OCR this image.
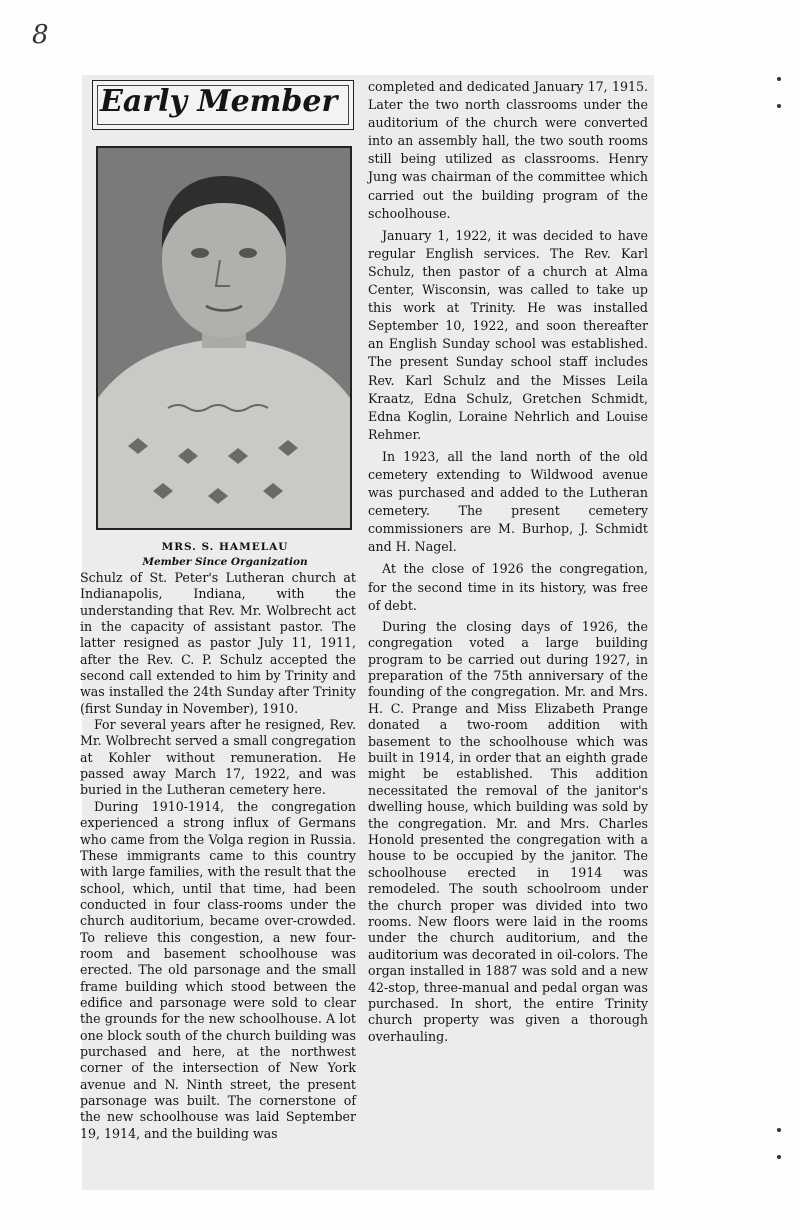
8
Early Member
MRS. S. HAMELAU
Member Since Organization

Schulz of St. Peter's Lutheran church at Indianapolis, Indiana, with the understanding that Rev. Mr. Wolbrecht act in the capacity of assistant pastor. The latter resigned as pastor July 11, 1911, after the Rev. C. P. Schulz accepted the second call extended to him by Trinity and was installed the 24th Sunday after Trinity (first Sunday in November), 1910.

For several years after he resigned, Rev. Mr. Wolbrecht served a small congregation at Kohler without remuneration. He passed away March 17, 1922, and was buried in the Lutheran cemetery here.

During 1910-1914, the congregation experienced a strong influx of Germans who came from the Volga region in Russia. These immigrants came to this country with large families, with the result that the school, which, until that time, had been conducted in four class-rooms under the church auditorium, became over-crowded. To relieve this congestion, a new four-room and basement schoolhouse was erected. The old parsonage and the small frame building which stood between the edifice and parsonage were sold to clear the grounds for the new schoolhouse. A lot one block south of the church building was purchased and here, at the northwest corner of the intersection of New York avenue and N. Ninth street, the present parsonage was built. The cornerstone of the new schoolhouse was laid September 19, 1914, and the building was

completed and dedicated January 17, 1915. Later the two north classrooms under the auditorium of the church were converted into an assembly hall, the two south rooms still being utilized as classrooms. Henry Jung was chairman of the committee which carried out the building program of the schoolhouse.

January 1, 1922, it was decided to have regular English services. The Rev. Karl Schulz, then pastor of a church at Alma Center, Wisconsin, was called to take up this work at Trinity. He was installed September 10, 1922, and soon thereafter an English Sunday school was established. The present Sunday school staff includes Rev. Karl Schulz and the Misses Leila Kraatz, Edna Schulz, Gretchen Schmidt, Edna Koglin, Loraine Nehrlich and Louise Rehmer.

In 1923, all the land north of the old cemetery extending to Wildwood avenue was purchased and added to the Lutheran cemetery. The present cemetery commissioners are M. Burhop, J. Schmidt and H. Nagel.

At the close of 1926 the congregation, for the second time in its history, was free of debt.

During the closing days of 1926, the congregation voted a large building program to be carried out during 1927, in preparation of the 75th anniversary of the founding of the congregation. Mr. and Mrs. H. C. Prange and Miss Elizabeth Prange donated a two-room addition with basement to the schoolhouse which was built in 1914, in order that an eighth grade might be established. This addition necessitated the removal of the janitor's dwelling house, which building was sold by the congregation. Mr. and Mrs. Charles Honold presented the congregation with a house to be occupied by the janitor. The schoolhouse erected in 1914 was remodeled. The south schoolroom under the church proper was divided into two rooms. New floors were laid in the rooms under the church auditorium, and the auditorium was decorated in oil-colors. The organ installed in 1887 was sold and a new 42-stop, three-manual and pedal organ was purchased. In short, the entire Trinity church property was given a thorough overhauling.
